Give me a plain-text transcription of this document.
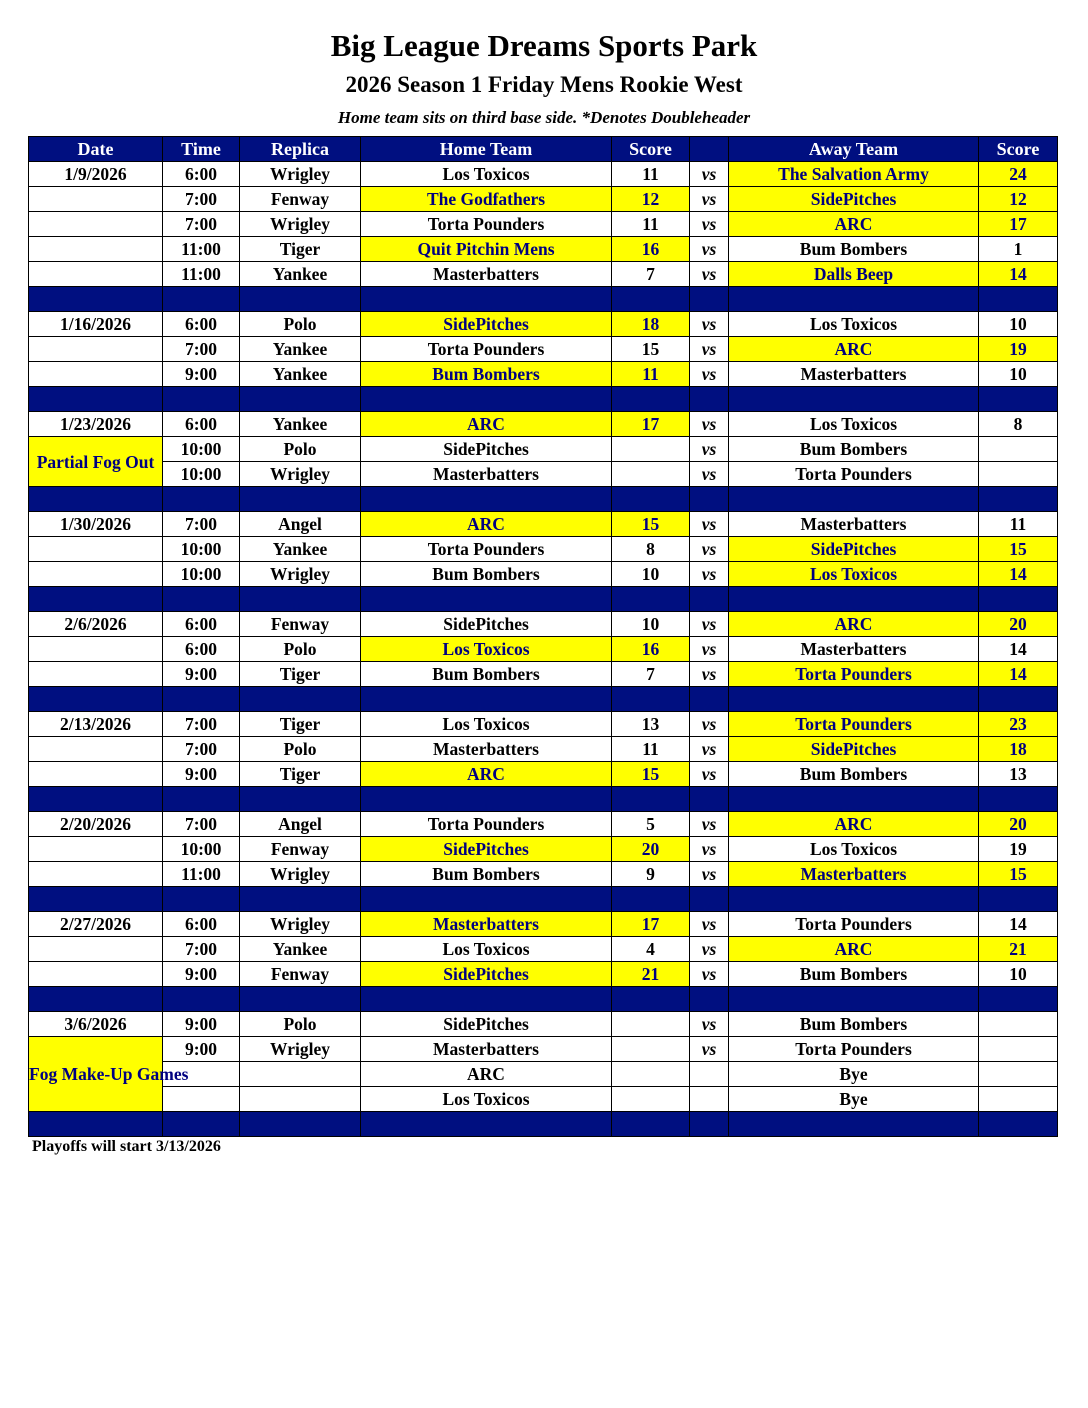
Big League Dreams Sports Park
2026 Season 1 Friday Mens Rookie West
Home team sits on third base side. *Denotes Doubleheader
Date	Time	Replica	Home Team	Score		Away Team	Score
1/9/2026	6:00	Wrigley	Los Toxicos	11	vs	The Salvation Army	24
	7:00	Fenway	The Godfathers	12	vs	SidePitches	12
	7:00	Wrigley	Torta Pounders	11	vs	ARC	17
	11:00	Tiger	Quit Pitchin Mens	16	vs	Bum Bombers	1
	11:00	Yankee	Masterbatters	7	vs	Dalls Beep	14

1/16/2026	6:00	Polo	SidePitches	18	vs	Los Toxicos	10
	7:00	Yankee	Torta Pounders	15	vs	ARC	19
	9:00	Yankee	Bum Bombers	11	vs	Masterbatters	10

1/23/2026	6:00	Yankee	ARC	17	vs	Los Toxicos	8
Partial Fog Out	10:00	Polo	SidePitches		vs	Bum Bombers	
	10:00	Wrigley	Masterbatters		vs	Torta Pounders	

1/30/2026	7:00	Angel	ARC	15	vs	Masterbatters	11
	10:00	Yankee	Torta Pounders	8	vs	SidePitches	15
	10:00	Wrigley	Bum Bombers	10	vs	Los Toxicos	14

2/6/2026	6:00	Fenway	SidePitches	10	vs	ARC	20
	6:00	Polo	Los Toxicos	16	vs	Masterbatters	14
	9:00	Tiger	Bum Bombers	7	vs	Torta Pounders	14

2/13/2026	7:00	Tiger	Los Toxicos	13	vs	Torta Pounders	23
	7:00	Polo	Masterbatters	11	vs	SidePitches	18
	9:00	Tiger	ARC	15	vs	Bum Bombers	13

2/20/2026	7:00	Angel	Torta Pounders	5	vs	ARC	20
	10:00	Fenway	SidePitches	20	vs	Los Toxicos	19
	11:00	Wrigley	Bum Bombers	9	vs	Masterbatters	15

2/27/2026	6:00	Wrigley	Masterbatters	17	vs	Torta Pounders	14
	7:00	Yankee	Los Toxicos	4	vs	ARC	21
	9:00	Fenway	SidePitches	21	vs	Bum Bombers	10

3/6/2026	9:00	Polo	SidePitches		vs	Bum Bombers	
Fog Make-Up Games	9:00	Wrigley	Masterbatters		vs	Torta Pounders	
			ARC			Bye	
			Los Toxicos			Bye	

Playoffs will start 3/13/2026
